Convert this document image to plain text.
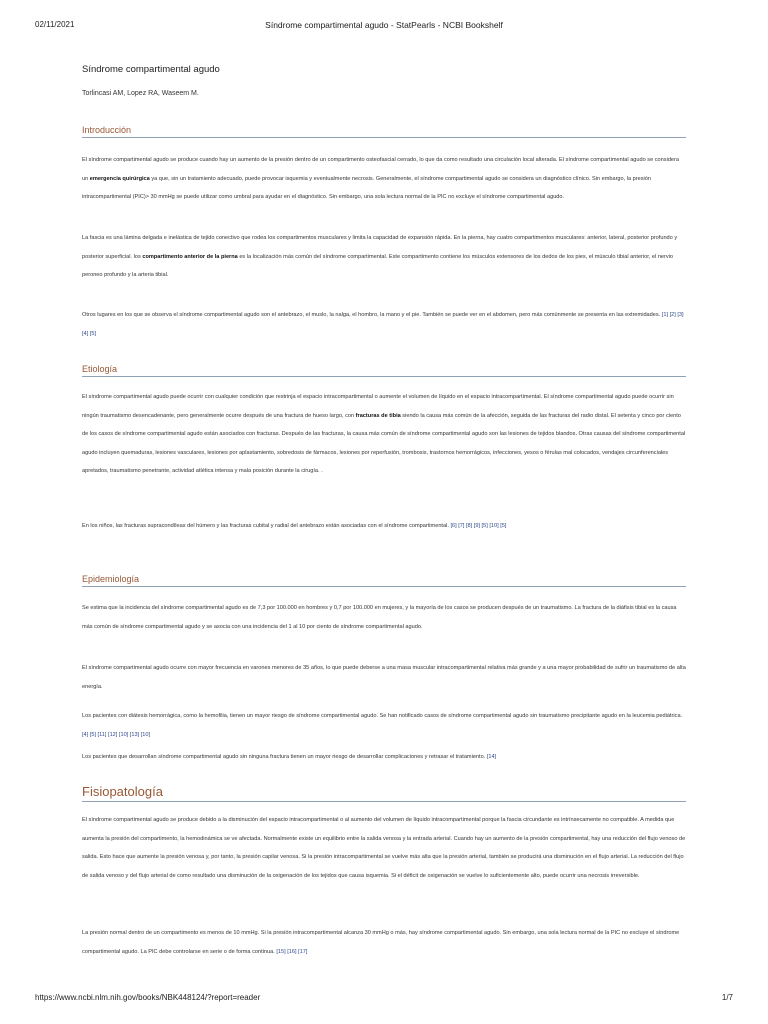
02/11/2021	Síndrome compartimental agudo - StatPearls - NCBI Bookshelf
Síndrome compartimental agudo
Torlincasi AM, Lopez RA, Waseem M.
Introducción
El síndrome compartimental agudo se produce cuando hay un aumento de la presión dentro de un compartimento osteofascial cerrado, lo que da como resultado una circulación local alterada. El síndrome compartimental agudo se considera un emergencia quirúrgica ya que, sin un tratamiento adecuado, puede provocar isquemia y eventualmente necrosis. Generalmente, el síndrome compartimental agudo se considera un diagnóstico clínico. Sin embargo, la presión intracompartimental (PIC)> 30 mmHg se puede utilizar como umbral para ayudar en el diagnóstico. Sin embargo, una sola lectura normal de la PIC no excluye el síndrome compartimental agudo.
La fascia es una lámina delgada e inelástica de tejido conectivo que rodea los compartimentos musculares y limita la capacidad de expansión rápida. En la pierna, hay cuatro compartimentos musculares: anterior, lateral, posterior profundo y posterior superficial. los compartimento anterior de la pierna es la localización más común del síndrome compartimental. Este compartimento contiene los músculos extensores de los dedos de los pies, el músculo tibial anterior, el nervio peroneo profundo y la arteria tibial.
Otros lugares en los que se observa el síndrome compartimental agudo son el antebrazo, el muslo, la nalga, el hombro, la mano y el pie. También se puede ver en el abdomen, pero más comúnmente se presenta en las extremidades. [1] [2] [3] [4] [5]
Etiología
El síndrome compartimental agudo puede ocurrir con cualquier condición que restrinja el espacio intracompartimental o aumente el volumen de líquido en el espacio intracompartimental. El síndrome compartimental agudo puede ocurrir sin ningún traumatismo desencadenante, pero generalmente ocurre después de una fractura de hueso largo, con fracturas de tibia siendo la causa más común de la afección, seguida de las fracturas del radio distal. El setenta y cinco por ciento de los casos de síndrome compartimental agudo están asociados con fracturas. Después de las fracturas, la causa más común de síndrome compartimental agudo son las lesiones de tejidos blandos. Otras causas del síndrome compartimental agudo incluyen quemaduras, lesiones vasculares, lesiones por aplastamiento, sobredosis de fármacos, lesiones por reperfusión, trombosis, trastornos hemorrágicos, infecciones, yesos o férulas mal colocados, vendajes circunferenciales apretados, traumatismo penetrante, actividad atlética intensa y mala posición durante la cirugía. .
En los niños, las fracturas supracondíleas del húmero y las fracturas cubital y radial del antebrazo están asociadas con el síndrome compartimental. [6] [7] [8] [9] [5] [10] [5]
Epidemiología
Se estima que la incidencia del síndrome compartimental agudo es de 7,3 por 100.000 en hombres y 0,7 por 100.000 en mujeres, y la mayoría de los casos se producen después de un traumatismo. La fractura de la diáfisis tibial es la causa más común de síndrome compartimental agudo y se asocia con una incidencia del 1 al 10 por ciento de síndrome compartimental agudo.
El síndrome compartimental agudo ocurre con mayor frecuencia en varones menores de 35 años, lo que puede deberse a una masa muscular intracompartimental relativa más grande y a una mayor probabilidad de sufrir un traumatismo de alta energía.
Los pacientes con diátesis hemorrágica, como la hemofilia, tienen un mayor riesgo de síndrome compartimental agudo. Se han notificado casos de síndrome compartimental agudo sin traumatismo precipitante agudo en la leucemia pediátrica. [4] [5] [11] [12] [10] [13] [10]
Los pacientes que desarrollan síndrome compartimental agudo sin ninguna fractura tienen un mayor riesgo de desarrollar complicaciones y retrasar el tratamiento. [14]
Fisiopatología
El síndrome compartimental agudo se produce debido a la disminución del espacio intracompartimental o al aumento del volumen de líquido intracompartimental porque la fascia circundante es intrínsecamente no compatible. A medida que aumenta la presión del compartimento, la hemodinámica se ve afectada. Normalmente existe un equilibrio entre la salida venosa y la entrada arterial. Cuando hay un aumento de la presión compartimental, hay una reducción del flujo venoso de salida. Esto hace que aumente la presión venosa y, por tanto, la presión capilar venosa. Si la presión intracompartimental se vuelve más alta que la presión arterial, también se producirá una disminución en el flujo arterial. La reducción del flujo de salida venoso y del flujo arterial de como resultado una disminución de la oxigenación de los tejidos que causa isquemia. Si el déficit de oxigenación se vuelve lo suficientemente alto, puede ocurrir una necrosis irreversible.
La presión normal dentro de un compartimento es menos de 10 mmHg. Si la presión intracompartimental alcanza 30 mmHg o más, hay síndrome compartimental agudo. Sin embargo, una sola lectura normal de la PIC no excluye el síndrome compartimental agudo. La PIC debe controlarse en serie o de forma continua. [15] [16] [17]
https://www.ncbi.nlm.nih.gov/books/NBK448124/?report=reader	1/7
